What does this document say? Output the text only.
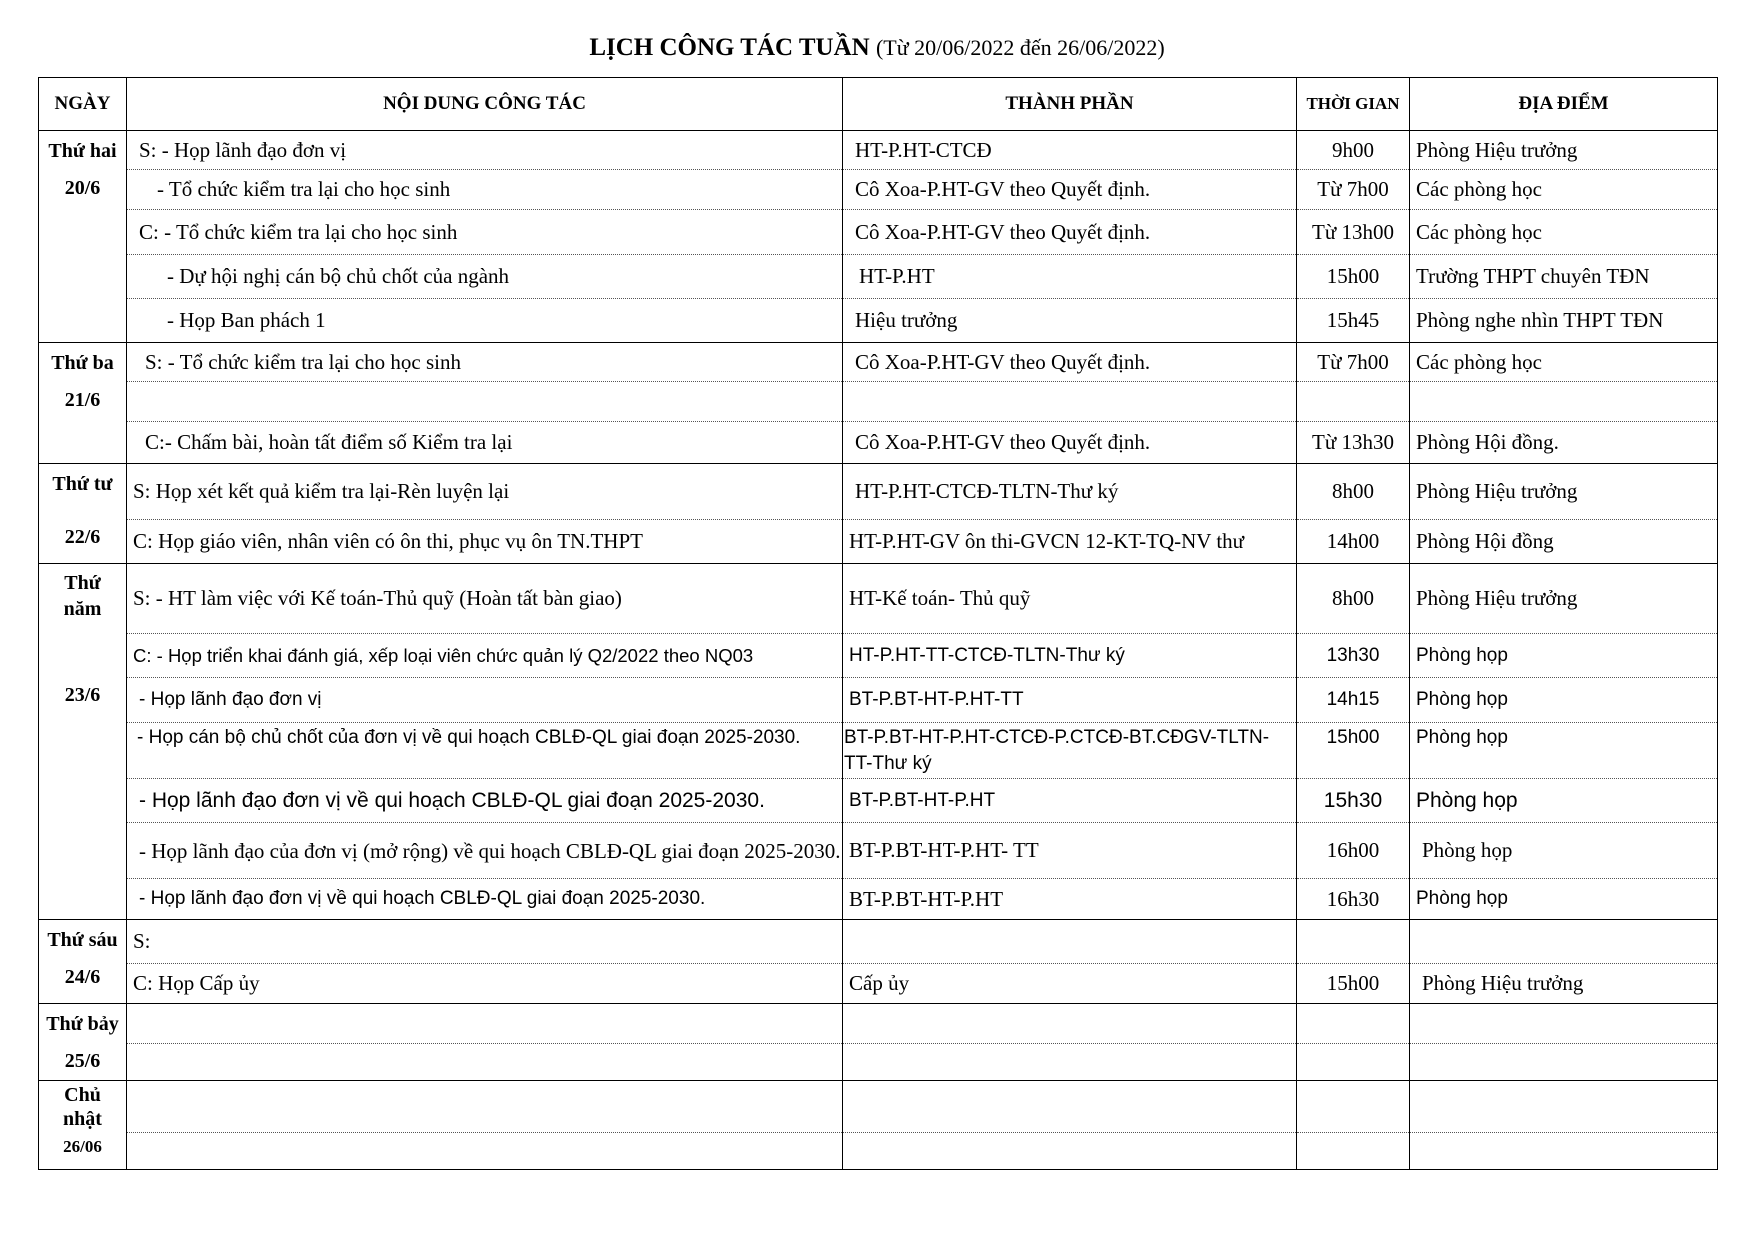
LỊCH CÔNG TÁC TUẦN (Từ 20/06/2022 đến 26/06/2022)
NGÀY	NỘI DUNG CÔNG TÁC	THÀNH PHẦN	THỜI GIAN	ĐỊA ĐIỂM

Thứ hai
20/6	S: - Họp lãnh đạo đơn vị	HT-P.HT-CTCĐ	9h00	Phòng Hiệu trưởng
	- Tổ chức kiểm tra lại cho học sinh	Cô Xoa-P.HT-GV theo Quyết định.	Từ 7h00	Các phòng học
	C: - Tổ chức kiểm tra lại cho học sinh	Cô Xoa-P.HT-GV theo Quyết định.	Từ 13h00	Các phòng học
	- Dự hội nghị cán bộ chủ chốt của ngành	HT-P.HT	15h00	Trường THPT chuyên TĐN
	- Họp Ban phách 1	Hiệu trưởng	15h45	Phòng nghe nhìn THPT TĐN

Thứ ba
21/6	S: - Tổ chức kiểm tra lại cho học sinh	Cô Xoa-P.HT-GV theo Quyết định.	Từ 7h00	Các phòng học

	C:- Chấm bài, hoàn tất điểm số Kiểm tra lại	Cô Xoa-P.HT-GV theo Quyết định.	Từ 13h30	Phòng Hội đồng.

Thứ tư
22/6	S: Họp xét kết quả kiểm tra lại-Rèn luyện lại	HT-P.HT-CTCĐ-TLTN-Thư ký	8h00	Phòng Hiệu trưởng
	C: Họp giáo viên, nhân viên có ôn thi, phục vụ ôn TN.THPT	HT-P.HT-GV ôn thi-GVCN 12-KT-TQ-NV thư	14h00	Phòng Hội đồng

Thứ năm
23/6	S: - HT làm việc với Kế toán-Thủ quỹ (Hoàn tất bàn giao)	HT-Kế toán- Thủ quỹ	8h00	Phòng Hiệu trưởng
	C: - Họp triển khai đánh giá, xếp loại viên chức quản lý Q2/2022 theo NQ03	HT-P.HT-TT-CTCĐ-TLTN-Thư ký	13h30	Phòng họp
	- Họp lãnh đạo đơn vị	BT-P.BT-HT-P.HT-TT	14h15	Phòng họp
	- Họp cán bộ chủ chốt của đơn vị về qui hoạch CBLĐ-QL giai đoạn 2025-2030.	BT-P.BT-HT-P.HT-CTCĐ-P.CTCĐ-BT.CĐGV-TLTN-TT-Thư ký	15h00	Phòng họp
	- Họp lãnh đạo đơn vị về qui hoạch CBLĐ-QL giai đoạn 2025-2030.	BT-P.BT-HT-P.HT	15h30	Phòng họp
	- Họp lãnh đạo của đơn vị (mở rộng) về qui hoạch CBLĐ-QL giai đoạn 2025-2030.	BT-P.BT-HT-P.HT- TT	16h00	Phòng họp
	- Họp lãnh đạo đơn vị về qui hoạch CBLĐ-QL giai đoạn 2025-2030.	BT-P.BT-HT-P.HT	16h30	Phòng họp

Thứ sáu
24/6	S:			
	C: Họp Cấp ủy	Cấp ủy	15h00	Phòng Hiệu trưởng

Thứ bảy
25/6				

Chủ nhật
26/06				
